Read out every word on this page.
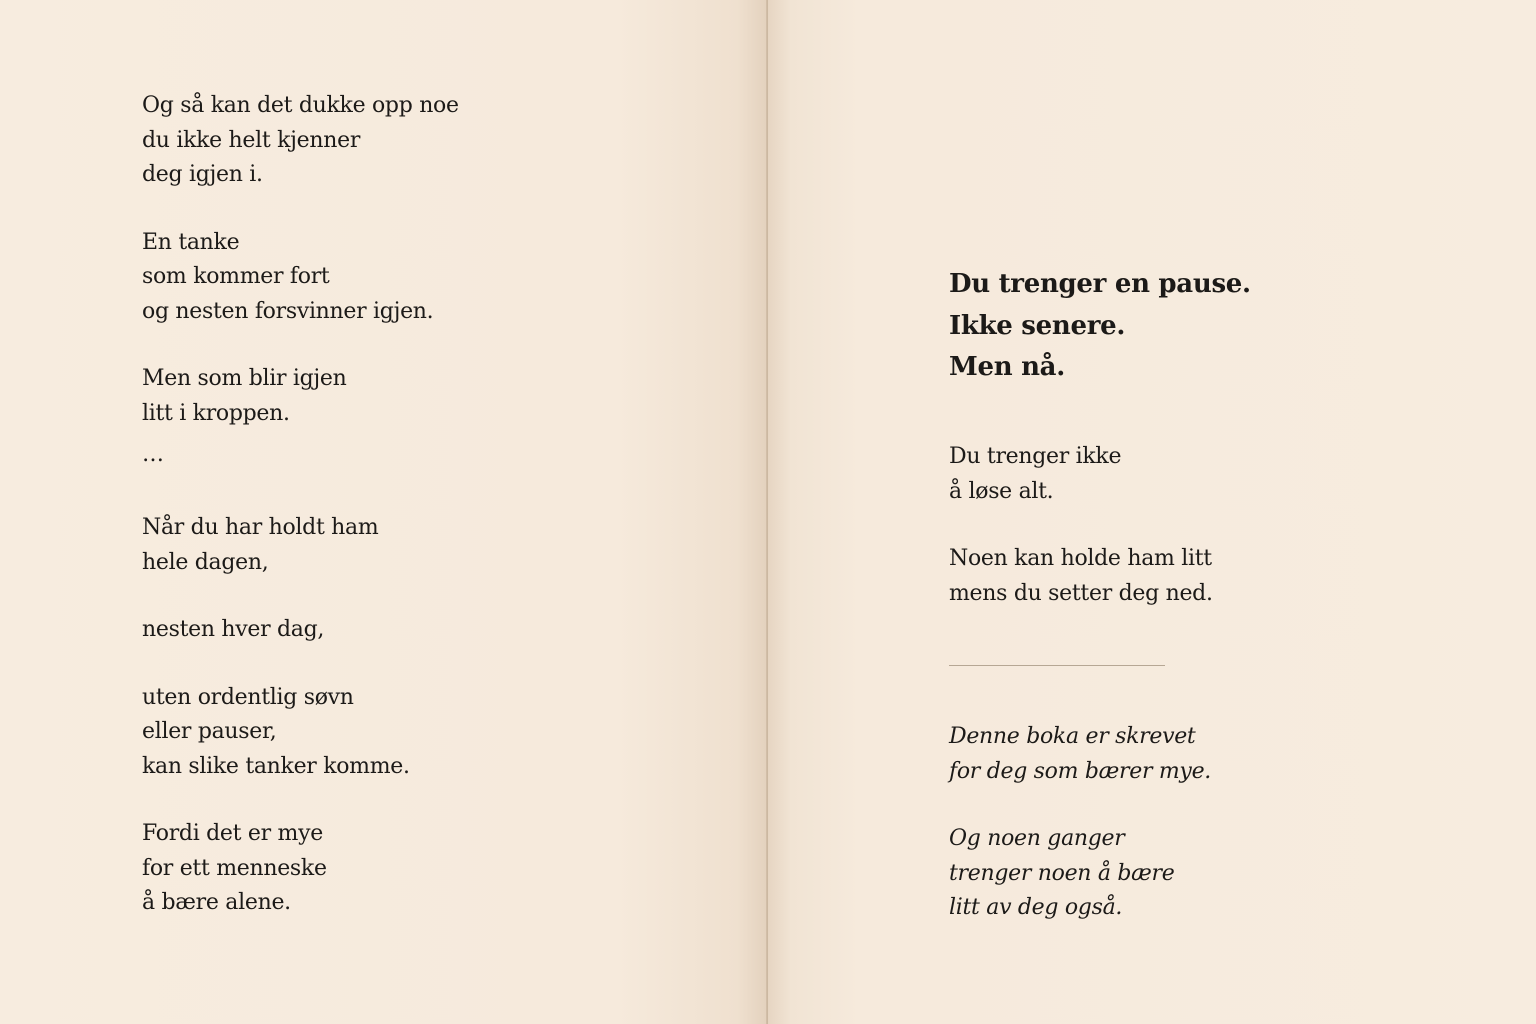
Og så kan det dukke opp noe
du ikke helt kjenner
deg igjen i.
En tanke
som kommer fort
og nesten forsvinner igjen.
Men som blir igjen
litt i kroppen.
…
Når du har holdt ham
hele dagen,
nesten hver dag,
uten ordentlig søvn
eller pauser,
kan slike tanker komme.
Fordi det er mye
for ett menneske
å bære alene.
Du trenger en pause.
Ikke senere.
Men nå.
Du trenger ikke
å løse alt.
Noen kan holde ham litt
mens du setter deg ned.
Denne boka er skrevet
for deg som bærer mye.
Og noen ganger
trenger noen å bære
litt av deg også.
